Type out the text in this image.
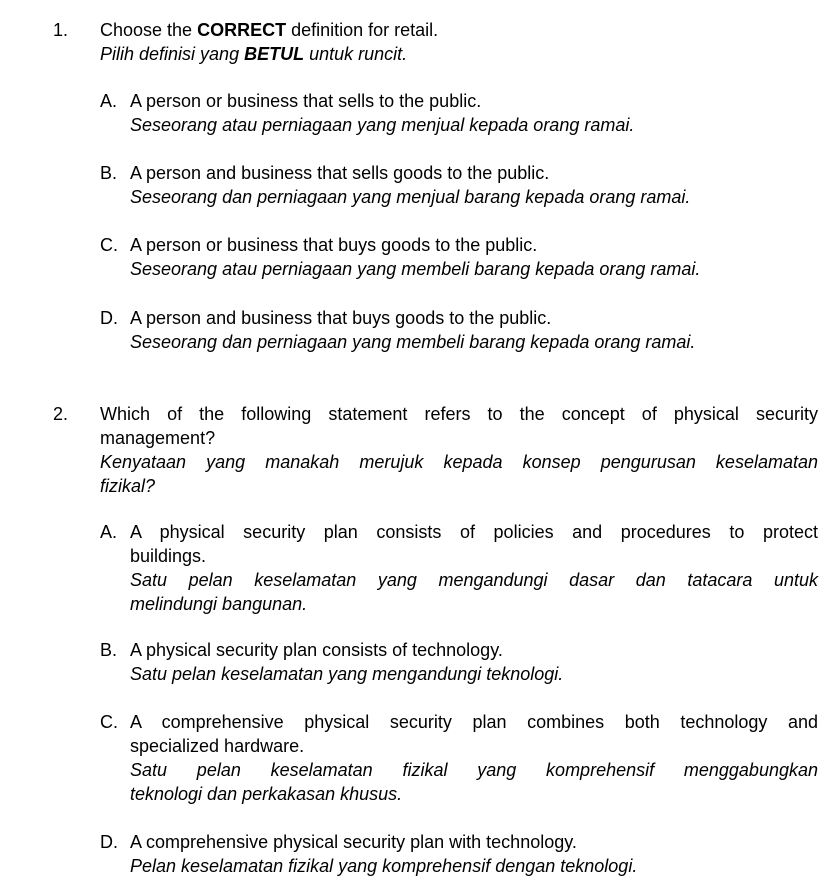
1. Choose the CORRECT definition for retail.
Pilih definisi yang BETUL untuk runcit.
A. A person or business that sells to the public.
Seseorang atau perniagaan yang menjual kepada orang ramai.
B. A person and business that sells goods to the public.
Seseorang dan perniagaan yang menjual barang kepada orang ramai.
C. A person or business that buys goods to the public.
Seseorang atau perniagaan yang membeli barang kepada orang ramai.
D. A person and business that buys goods to the public.
Seseorang dan perniagaan yang membeli barang kepada orang ramai.
2. Which of the following statement refers to the concept of physical security
management?
Kenyataan yang manakah merujuk kepada konsep pengurusan keselamatan
fizikal?
A. A physical security plan consists of policies and procedures to protect
buildings.
Satu pelan keselamatan yang mengandungi dasar dan tatacara untuk
melindungi bangunan.
B. A physical security plan consists of technology.
Satu pelan keselamatan yang mengandungi teknologi.
C. A comprehensive physical security plan combines both technology and
specialized hardware.
Satu pelan keselamatan fizikal yang komprehensif menggabungkan
teknologi dan perkakasan khusus.
D. A comprehensive physical security plan with technology.
Pelan keselamatan fizikal yang komprehensif dengan teknologi.
